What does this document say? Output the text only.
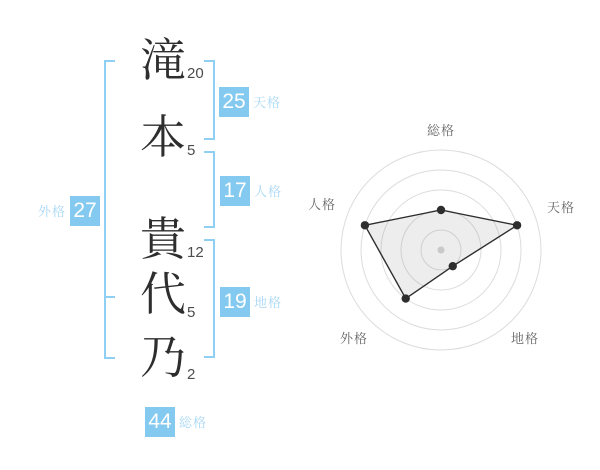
滝
本
貴
代
乃
20
5
12
5
2
25 天格
17 人格
19 地格
外格 27
44 総格
総格
天格
地格
外格
人格
